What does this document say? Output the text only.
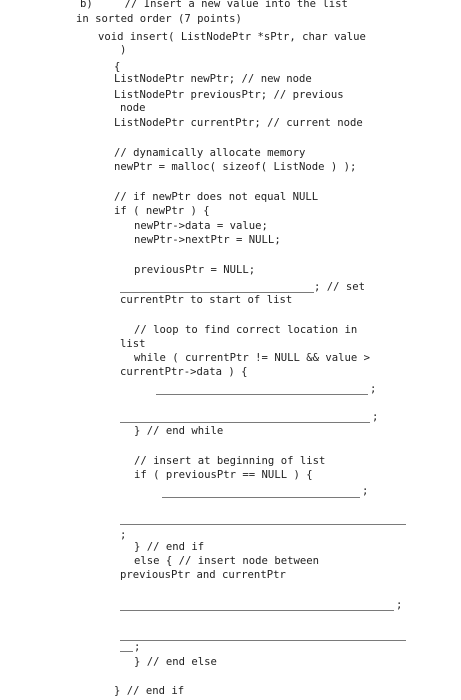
b)     // Insert a new value into the list
in sorted order (7 points)
void insert( ListNodePtr *sPtr, char value
)
{
ListNodePtr newPtr; // new node
ListNodePtr previousPtr; // previous
node
ListNodePtr currentPtr; // current node
// dynamically allocate memory
newPtr = malloc( sizeof( ListNode ) );
// if newPtr does not equal NULL
if ( newPtr ) {
newPtr->data = value;
newPtr->nextPtr = NULL;
previousPtr = NULL;
; // set
currentPtr to start of list
// loop to find correct location in
list
while ( currentPtr != NULL && value >
currentPtr->data ) {
;
;
} // end while
// insert at beginning of list
if ( previousPtr == NULL ) {
;
;
} // end if
else { // insert node between
previousPtr and currentPtr
;
;
} // end else
} // end if
